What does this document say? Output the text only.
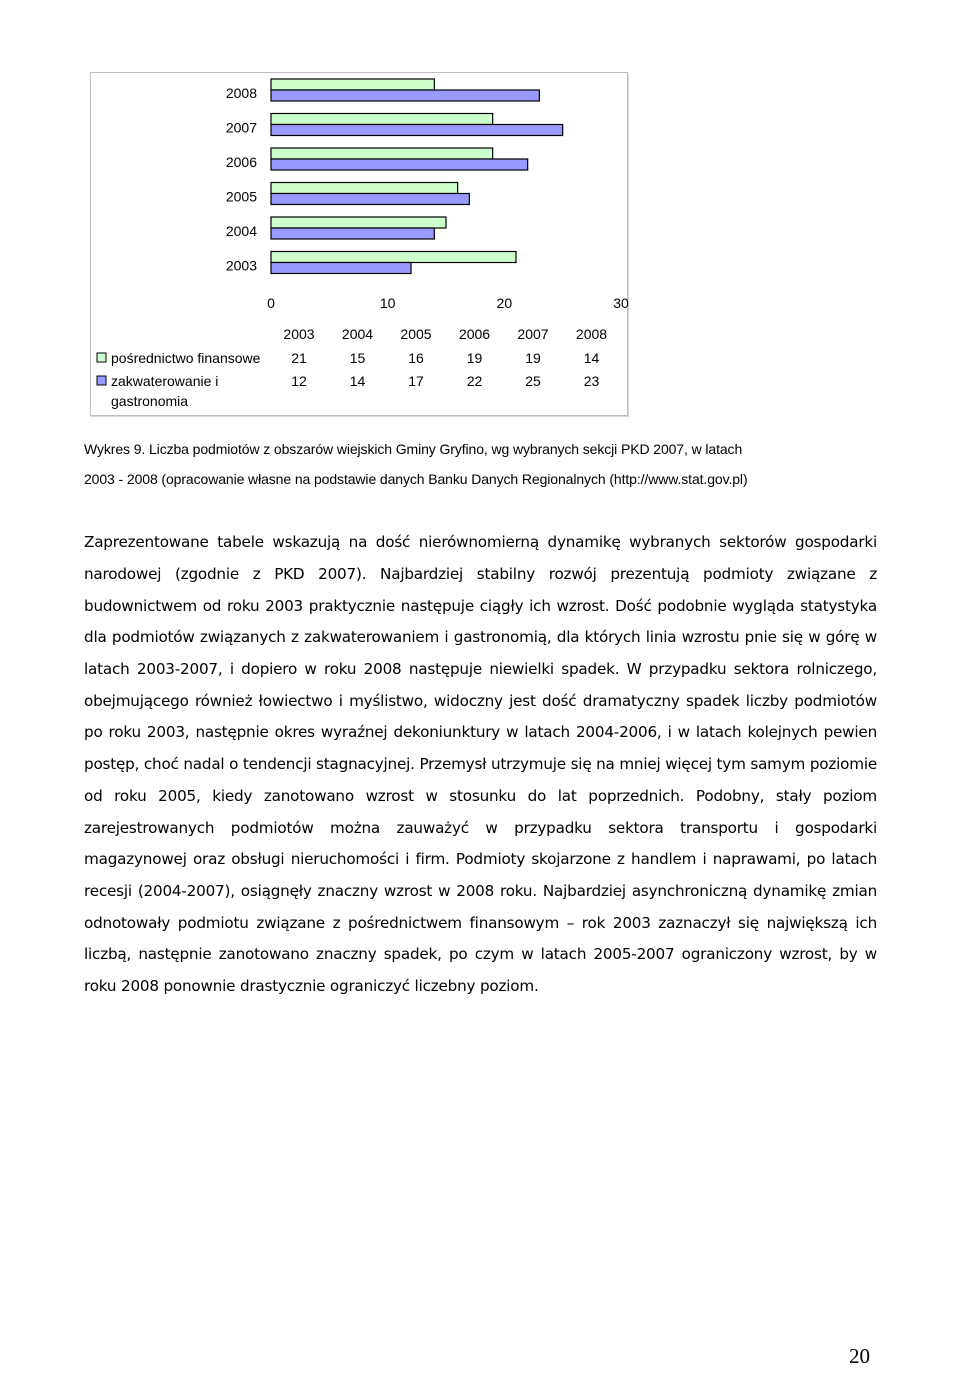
2008
2007
2006
2005
2004
2003
0	10	20	30
2003 2004 2005 2006 2007 2008
pośrednictwo finansowe 21	15	16	19	19	14
zakwaterowanie i
gastronomia
12	14	17	22	25	23
Wykres 9. Liczba podmiotów z obszarów wiejskich Gminy Gryfino, wg wybranych sekcji PKD 2007, w latach
2003 - 2008 (opracowanie własne na podstawie danych Banku Danych Regionalnych (http://www.stat.gov.pl)

Zaprezentowane tabele wskazują na dość nierównomierną dynamikę wybranych sektorów gospodarki narodowej (zgodnie z PKD 2007). Najbardziej stabilny rozwój prezentują podmioty związane z budownictwem od roku 2003 praktycznie następuje ciągły ich wzrost. Dość podobnie wygląda statystyka dla podmiotów związanych z zakwaterowaniem i gastronomią, dla których linia wzrostu pnie się w górę w latach 2003-2007, i dopiero w roku 2008 następuje niewielki spadek. W przypadku sektora rolniczego, obejmującego również łowiectwo i myślistwo, widoczny jest dość dramatyczny spadek liczby podmiotów po roku 2003, następnie okres wyraźnej dekoniunktury w latach 2004-2006, i w latach kolejnych pewien postęp, choć nadal o tendencji stagnacyjnej. Przemysł utrzymuje się na mniej więcej tym samym poziomie od roku 2005, kiedy zanotowano wzrost w stosunku do lat poprzednich. Podobny, stały poziom zarejestrowanych podmiotów można zauważyć w przypadku sektora transportu i gospodarki magazynowej oraz obsługi nieruchomości i firm. Podmioty skojarzone z handlem i naprawami, po latach recesji (2004-2007), osiągnęły znaczny wzrost w 2008 roku. Najbardziej asynchroniczną dynamikę zmian odnotowały podmiotu związane z pośrednictwem finansowym – rok 2003 zaznaczył się największą ich liczbą, następnie zanotowano znaczny spadek, po czym w latach 2005-2007 ograniczony wzrost, by w roku 2008 ponownie drastycznie ograniczyć liczebny poziom.

20
